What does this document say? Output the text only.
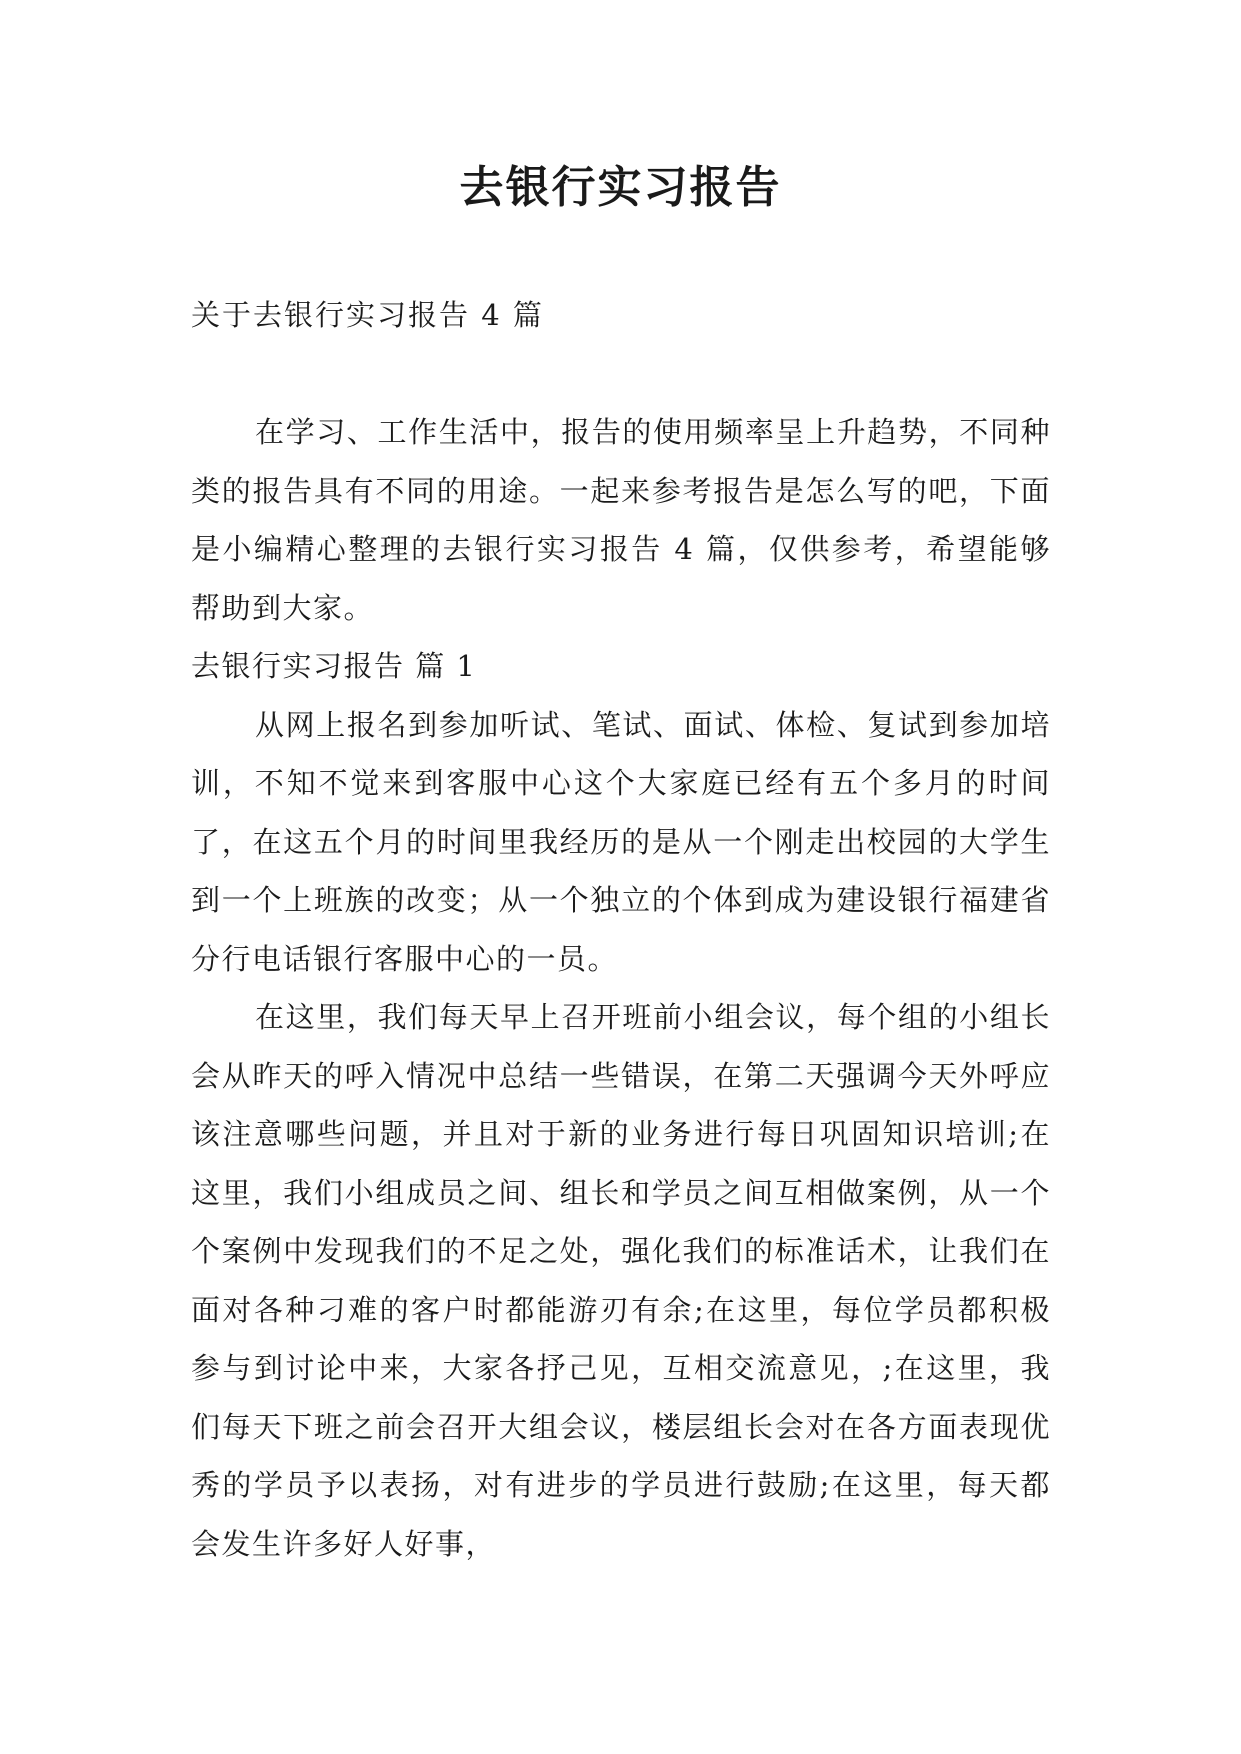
去银行实习报告
关于去银行实习报告 4 篇

在学习、工作生活中，报告的使用频率呈上升趋势，不同种类的报告具有不同的用途。一起来参考报告是怎么写的吧，下面是小编精心整理的去银行实习报告 4 篇，仅供参考，希望能够帮助到大家。

去银行实习报告 篇 1

从网上报名到参加听试、笔试、面试、体检、复试到参加培训，不知不觉来到客服中心这个大家庭已经有五个多月的时间了，在这五个月的时间里我经历的是从一个刚走出校园的大学生到一个上班族的改变；从一个独立的个体到成为建设银行福建省分行电话银行客服中心的一员。

在这里，我们每天早上召开班前小组会议，每个组的小组长会从昨天的呼入情况中总结一些错误，在第二天强调今天外呼应该注意哪些问题，并且对于新的业务进行每日巩固知识培训;在这里，我们小组成员之间、组长和学员之间互相做案例，从一个个案例中发现我们的不足之处，强化我们的标准话术，让我们在面对各种刁难的客户时都能游刃有余;在这里，每位学员都积极参与到讨论中来，大家各抒己见，互相交流意见，;在这里，我们每天下班之前会召开大组会议，楼层组长会对在各方面表现优秀的学员予以表扬，对有进步的学员进行鼓励;在这里，每天都会发生许多好人好事，
